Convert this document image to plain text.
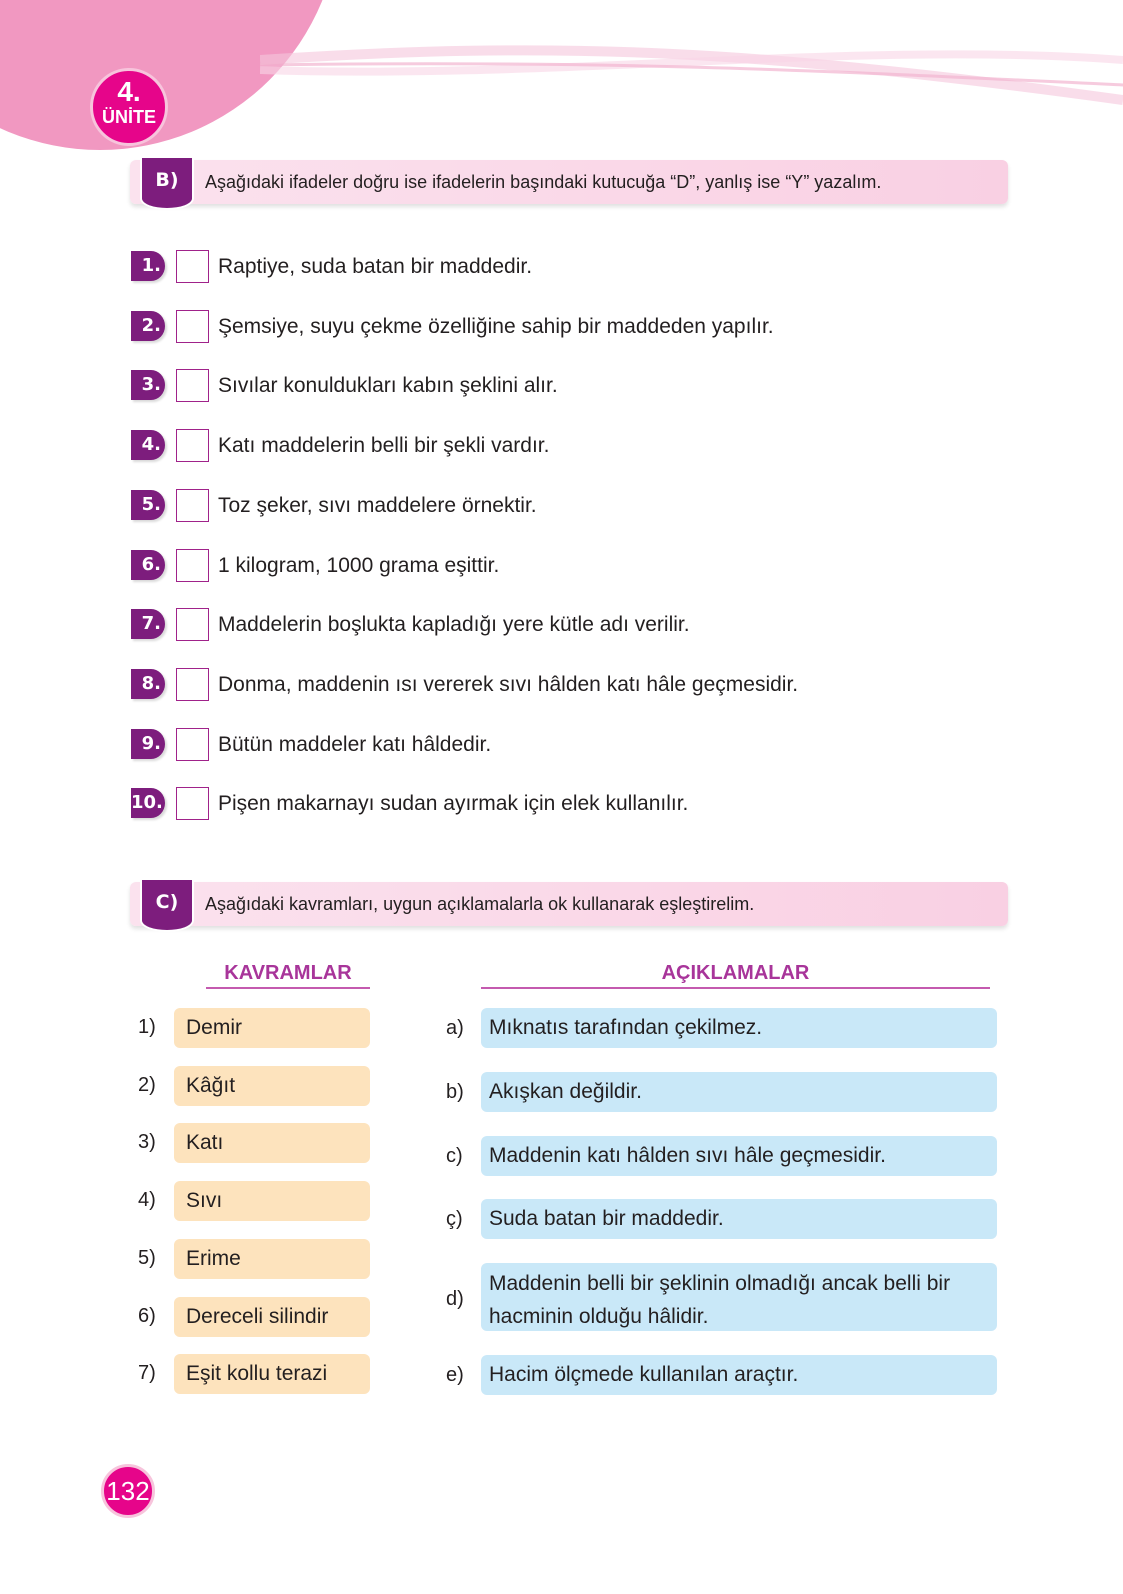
4.
ÜNİTE
B)	Aşağıdaki ifadeler doğru ise ifadelerin başındaki kutucuğa “D”, yanlış ise “Y” yazalım.
1.	Raptiye, suda batan bir maddedir.
2.	Şemsiye, suyu çekme özelliğine sahip bir maddeden yapılır.
3.	Sıvılar konuldukları kabın şeklini alır.
4.	Katı maddelerin belli bir şekli vardır.
5.	Toz şeker, sıvı maddelere örnektir.
6.	1 kilogram, 1000 grama eşittir.
7.	Maddelerin boşlukta kapladığı yere kütle adı verilir.
8.	Donma, maddenin ısı vererek sıvı hâlden katı hâle geçmesidir.
9.	Bütün maddeler katı hâldedir.
10.	Pişen makarnayı sudan ayırmak için elek kullanılır.
C)	Aşağıdaki kavramları, uygun açıklamalarla ok kullanarak eşleştirelim.
KAVRAMLAR	AÇIKLAMALAR
1)	Demir
2)	Kâğıt
3)	Katı
4)	Sıvı
5)	Erime
6)	Dereceli silindir
7)	Eşit kollu terazi
a)	Mıknatıs tarafından çekilmez.
b)	Akışkan değildir.
c)	Maddenin katı hâlden sıvı hâle geçmesidir.
ç)	Suda batan bir maddedir.
d)
Maddenin belli bir şeklinin olmadığı ancak belli bir hacminin olduğu hâlidir.
e)	Hacim ölçmede kullanılan araçtır.
132
